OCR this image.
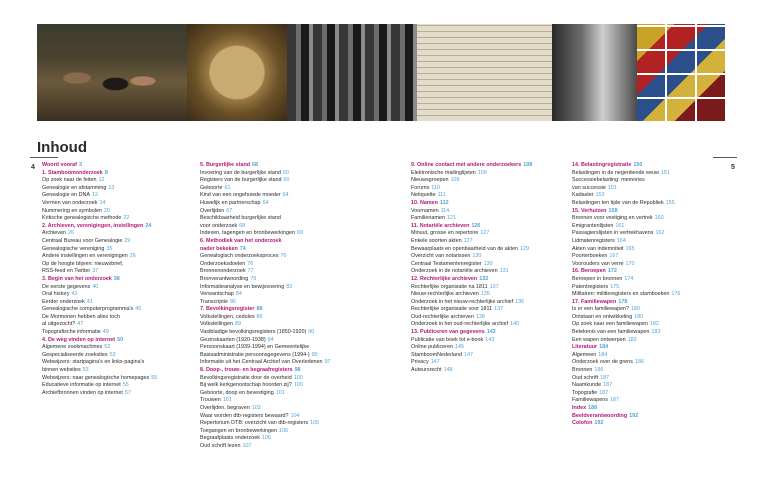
Inhoud
4	5
Woord vooraf 3
1. Stamboomonderzoek 8
Op zoek naar de feiten 12
Genealogie en afstamming 13
Genealogie en DNA 12
Vormen van onderzoek 14
Nummering en symbolen 20
Kritische genealogische methode 22
2. Archieven, verenigingen, instellingen 24
Archieven 26
Centraal Bureau voor Genealogie 29
Genealogische vereniging 35
Andere instellingen en verenigingen 26
Op de hoogte blijven: nieuwsbrief,
RSS-feed en Twitter 37
3. Begin van het onderzoek 38
De eerste gegevens 40
Oral history 41
Eerder onderzoek 41
Genealogische computerprogramma's 45
De Mormonen hebben alles toch
al uitgezocht? 47
Topografische informatie 49
4. De weg vinden op internet 50
Algemene zoekmachines 52
Gespecialiseerde zoeksites 53
Webwijzers: startpagina's en links-pagina's
binnen websites 53
Webwijzers: naar genealogische homepages 55
Educatieve informatie op internet 55
Archiefbronnen vinden op internet 57
5. Burgerlijke stand 58
Invoering van de burgerlijke stand 60
Registers van de burgerlijke stand 60
Geboorte 61
Kind van een ongehuwde moeder 64
Huwelijk en partnerschap 64
Overlijden 67
Beschikbaarheid burgerlijke stand
voor onderzoek 68
Indexen, tagengen en bronbewerkingen 69
6. Methodiek van het onderzoek
nader bekeken 74
Genealogisch onderzoeksproces 76
Onderzoeksdoelen 76
Bronnenonderzoek 77
Bronverantwoording 79
Informatieanalyse en bewijsvoering 82
Verwantschap 84
Transcriptie 86
7. Bevolkingsregister 88
Volkstellingen, cedules 89
Volkstellingen 89
Vastbladige bevolkingsregisters (1850-1920) 90
Gezinskaarten (1920-1938) 94
Persoonskaart (1939-1994) en Gemeentelijke
Basisadministratie persoonsgegevens (1994-) 95
Informatie uit het Centraal Archief van Overledenen 97
8. Doop-, trouw- en begraafregisters 98
Bevolkingsregistratie door de overheid 100
Bij welk kerkgenootschap hoorden zij? 100
Geboorte, doop en bevestiging 101
Trouwen 101
Overlijden, begraven 103
Waar worden dtb-registers bewaard? 104
Repertorium DTB: overzicht van dtb-registers 105
Toegangen en bronbewerkingen 106
Begraafplaats onderzoek 106
Oud schrift lezen 107
9. Online contact met andere onderzoekers 108
Elektronische mailinglijsten 109
Nieuwsgroepen 109
Forums 110
Netiquette 111
10. Namen 112
Voornamen 114
Familienamen 121
11. Notariële archieven 126
Minuut, grosse en repertoire 127
Enkele soorten akten 127
Bewaarplaats en openbaarheid van de akten 129
Overzicht van notarissen 130
Centraal Testamentenregister 130
Onderzoek in de notariële archieven 131
12. Rechterlijke archieven 132
Rechterlijke organisatie na 1811 137
Nieuw-rechterlijke archieven 135
Onderzoek in het nieuw-rechterlijke archief 136
Rechterlijke organisatie voor 1811 137
Oud-rechterlijke archieven 138
Onderzoek in het oud-rechterlijke archief 140
13. Publiceren van gegevens 142
Publicatie van boek tot e-book 143
Online publiceren 145
StamboomNederland 147
Privacy 147
Auteursrecht 148
14. Belastingregistratie 150
Belastingen in de negentiende eeuw 151
Successiebelasting: memories
van successie 151
Kadaster 153
Belastingen ten tijde van de Republiek 155
15. Verhuizen 158
Bronnen voor vestiging en vertrek 160
Emigrantenlijsten 161
Passagierslijsten in vertrekhavens 162
Lidmatenregisters 164
Akten van indemniteit 165
Poorterboeken 167
Voorouders van verre 170
16. Beroepen 172
Beroepen in bronnen 174
Patentregisters 175
Militairen: militieregisters en stamboeken 176
17. Familiewapen 178
Is er een familiewapen? 180
Ontstaan en ontwikkeling 180
Op zoek naar een familiewapen 182
Betekenis van een familiewapen 183
Een wapen ontwerpen 183
Literatuur 184
Algemeen 184
Onderzoek over de grens 186
Bronnen 186
Oud schrift 187
Naamkunde 187
Topografie 187
Familiewapens 187
Index 188
Beeldverantwoording 192
Colofon 192
